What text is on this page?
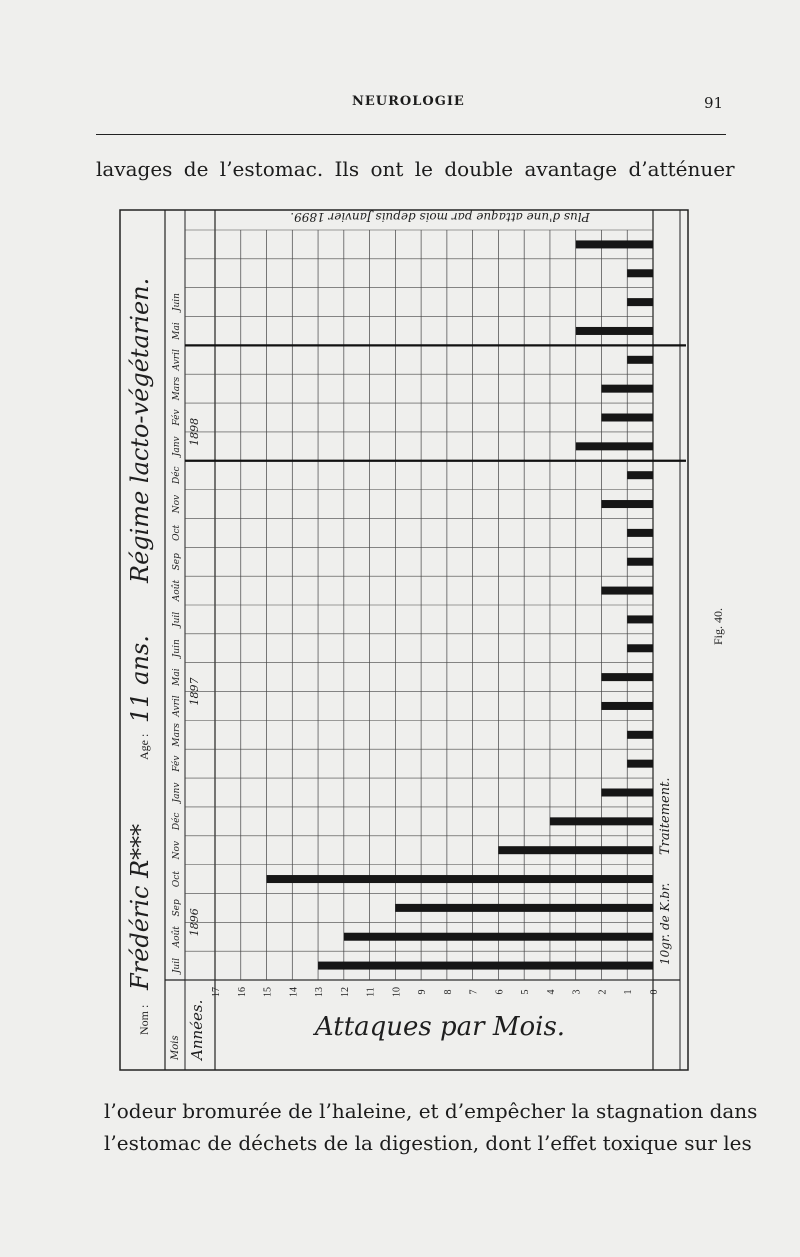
NEUROLOGIE	91
lavages de l’estomac. Ils ont le double avantage d’atténuer
0
1
2
3
4
5
6
7
8
9
10
11
12
13
14
15
16
17
Juil
Août
Sep
Oct
Nov
Déc
Janv
Fév
Mars
Avril
Mai
Juin
Juil
Août
Sep
Oct
Nov
Déc
Janv
Fév
Mars
Avril
Mai
Juin
1896
1897
1898
Nom :
Frédéric R***
Age :
11 ans.
Régime lacto-végétarien.
Plus d'une attaque par mois depuis Janvier 1899.
10gr. de K.br.
Traitement.
Mois Années.	Attaques par Mois.
Fig. 40.
l’odeur bromurée de l’haleine, et d’empêcher la stagnation dans
l’estomac de déchets de la digestion, dont l’effet toxique sur les
